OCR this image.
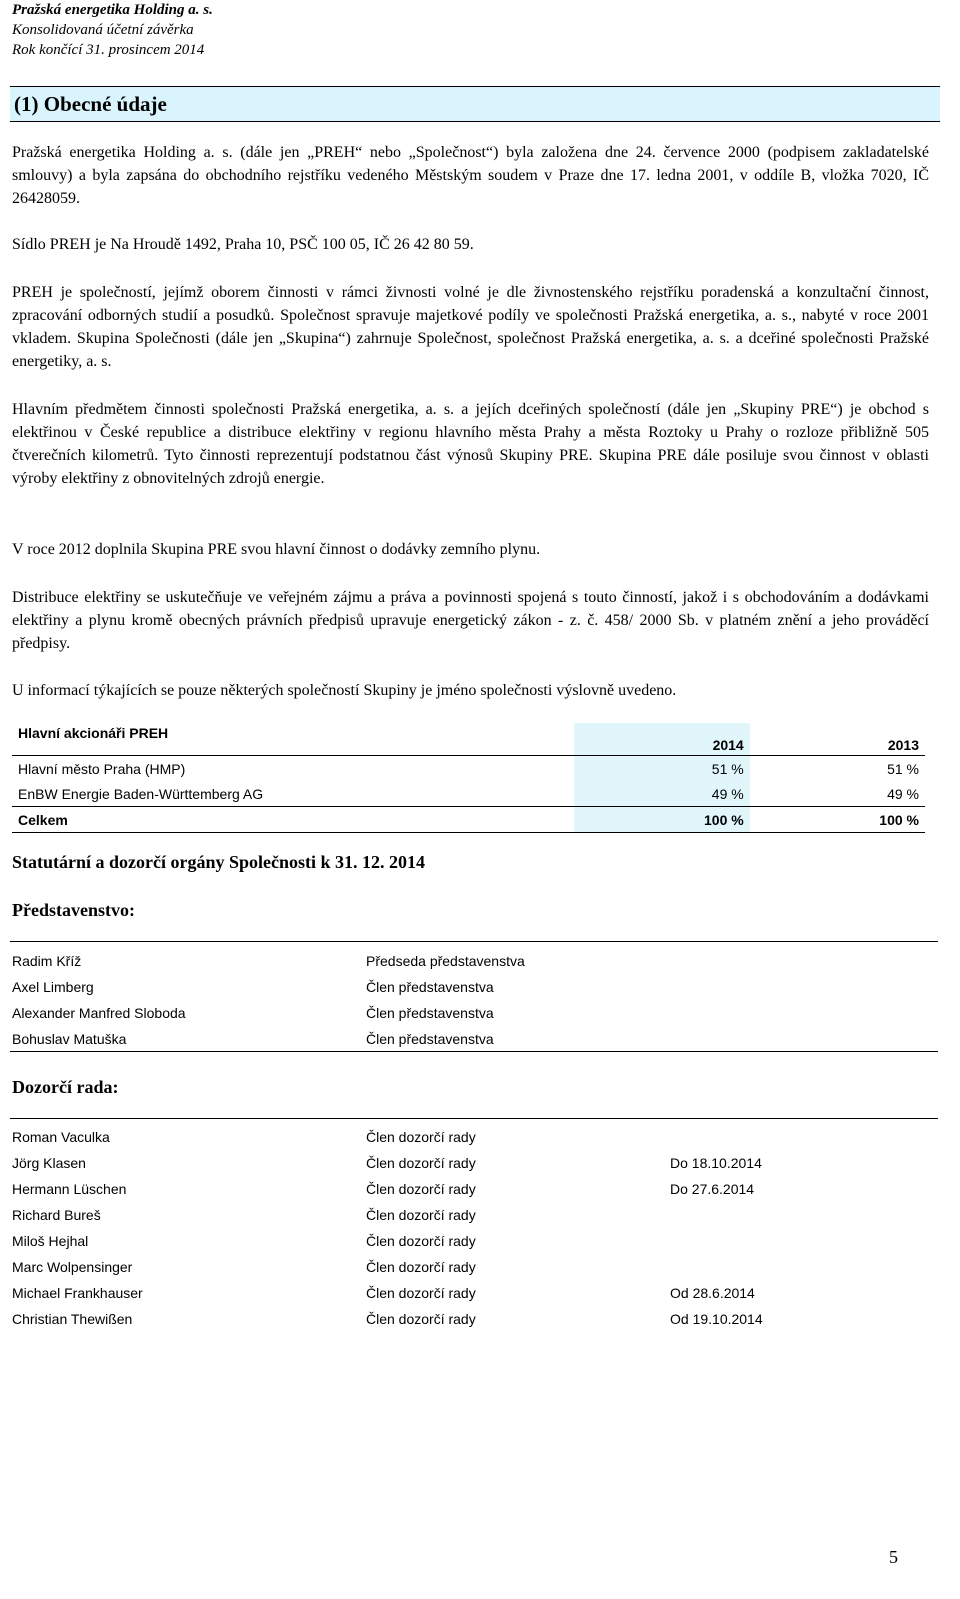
Pražská energetika Holding a. s.
Konsolidovaná účetní závěrka
Rok končící 31. prosincem 2014
(1) Obecné údaje

Pražská energetika Holding a. s. (dále jen „PREH“ nebo „Společnost“) byla založena dne 24. července 2000 (podpisem zakladatelské smlouvy) a byla zapsána do obchodního rejstříku vedeného Městským soudem v Praze dne 17. ledna 2001, v oddíle B, vložka 7020, IČ 26428059.

Sídlo PREH je Na Hroudě 1492, Praha 10, PSČ 100 05, IČ 26 42 80 59.

PREH je společností, jejímž oborem činnosti v rámci živnosti volné je dle živnostenského rejstříku poradenská a konzultační činnost, zpracování odborných studií a posudků. Společnost spravuje majetkové podíly ve společnosti Pražská energetika, a. s., nabyté v roce 2001 vkladem. Skupina Společnosti (dále jen „Skupina“) zahrnuje Společnost, společnost Pražská energetika, a. s. a dceřiné společnosti Pražské energetiky, a. s.

Hlavním předmětem činnosti společnosti Pražská energetika, a. s. a jejích dceřiných společností (dále jen „Skupiny PRE“) je obchod s elektřinou v České republice a distribuce elektřiny v regionu hlavního města Prahy a města Roztoky u Prahy o rozloze přibližně 505 čtverečních kilometrů. Tyto činnosti reprezentují podstatnou část výnosů Skupiny PRE. Skupina PRE dále posiluje svou činnost v oblasti výroby elektřiny z obnovitelných zdrojů energie.

V roce 2012 doplnila Skupina PRE svou hlavní činnost o dodávky zemního plynu.

Distribuce elektřiny se uskutečňuje ve veřejném zájmu a práva a povinnosti spojená s touto činností, jakož i s obchodováním a dodávkami elektřiny a plynu kromě obecných právních předpisů upravuje energetický zákon - z. č. 458/ 2000 Sb. v platném znění a jeho prováděcí předpisy.

U informací týkajících se pouze některých společností Skupiny je jméno společnosti výslovně uvedeno.

Hlavní akcionáři PREH	2014	2013
Hlavní město Praha (HMP)	51 %	51 %
EnBW Energie Baden-Württemberg AG	49 %	49 %
Celkem	100 %	100 %
Statutární a dozorčí orgány Společnosti k 31. 12. 2014
Představenstvo:
Radim Kříž	Předseda představenstva
Axel Limberg	Člen představenstva
Alexander Manfred Sloboda	Člen představenstva
Bohuslav Matuška	Člen představenstva
Dozorčí rada:
Roman Vaculka	Člen dozorčí rady
Jörg Klasen	Člen dozorčí rady	Do 18.10.2014
Hermann Lüschen	Člen dozorčí rady	Do 27.6.2014
Richard Bureš	Člen dozorčí rady
Miloš Hejhal	Člen dozorčí rady
Marc Wolpensinger	Člen dozorčí rady
Michael Frankhauser	Člen dozorčí rady	Od 28.6.2014
Christian Thewißen	Člen dozorčí rady	Od 19.10.2014
5
